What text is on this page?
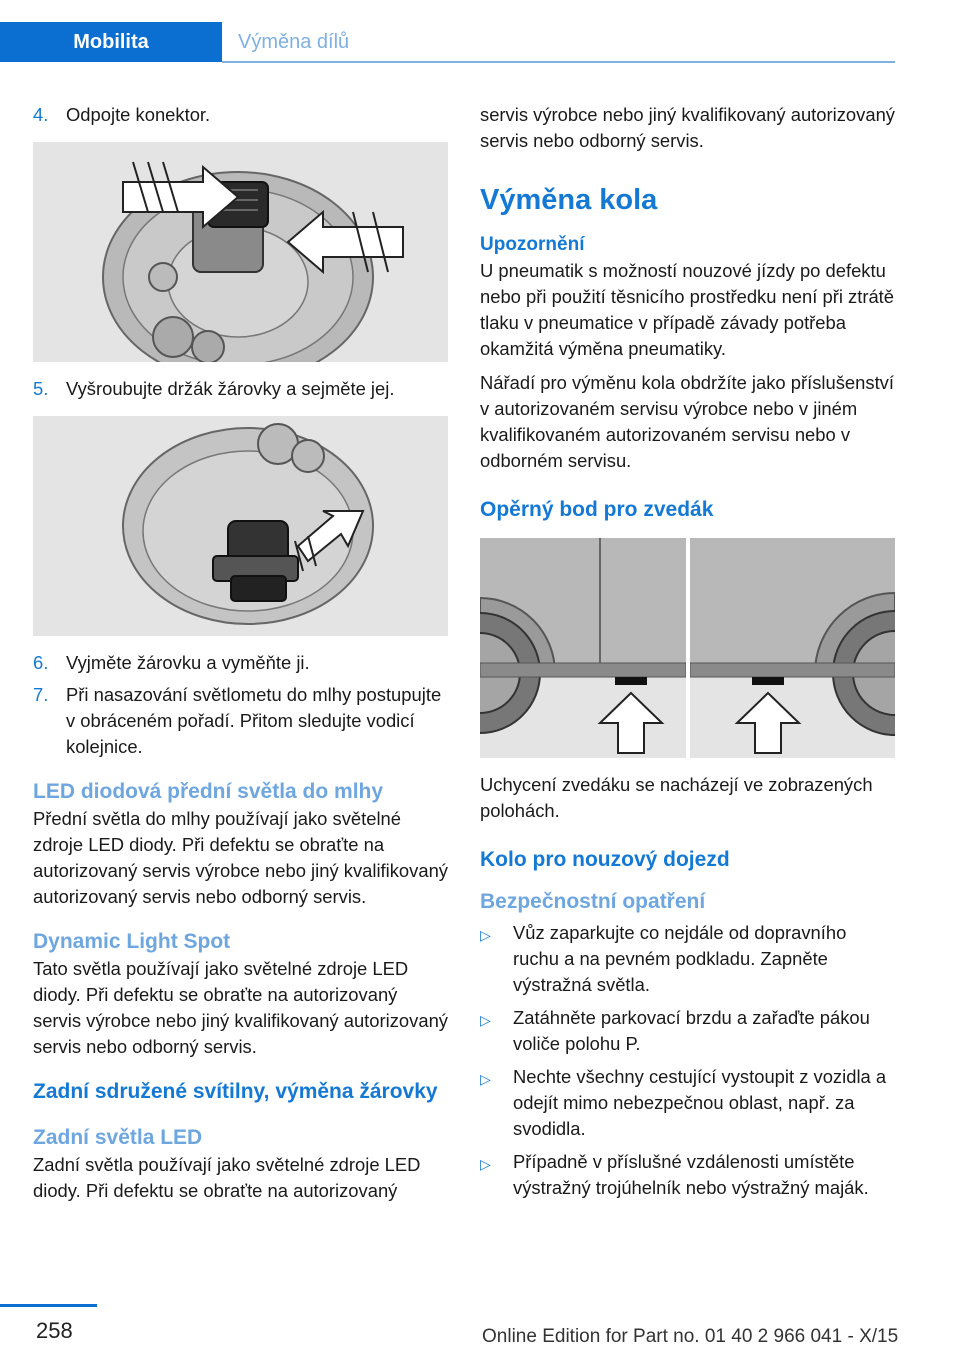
Mobilita	Výměna dílů
4. Odpojte konektor.
5. Vyšroubujte držák žárovky a sejměte jej.
6. Vyjměte žárovku a vyměňte ji.
7. Při nasazování světlometu do mlhy postupujte v obráceném pořadí. Přitom sledujte vodicí kolejnice.
LED diodová přední světla do mlhy

Přední světla do mlhy používají jako světelné zdroje LED diody. Při defektu se obraťte na autorizovaný servis výrobce nebo jiný kvalifikovaný autorizovaný servis nebo odborný servis.

Dynamic Light Spot

Tato světla používají jako světelné zdroje LED diody. Při defektu se obraťte na autorizovaný servis výrobce nebo jiný kvalifikovaný autorizovaný servis nebo odborný servis.

Zadní sdružené svítilny, výměna žárovky
Zadní světla LED

Zadní světla používají jako světelné zdroje LED diody. Při defektu se obraťte na autorizovaný

servis výrobce nebo jiný kvalifikovaný autorizovaný servis nebo odborný servis.

Výměna kola
Upozornění

U pneumatik s možností nouzové jízdy po defektu nebo při použití těsnicího prostředku není při ztrátě tlaku v pneumatice v případě závady potřeba okamžitá výměna pneumatiky.

Nářadí pro výměnu kola obdržíte jako příslušenství v autorizovaném servisu výrobce nebo v jiném kvalifikovaném autorizovaném servisu nebo v odborném servisu.

Opěrný bod pro zvedák

Uchycení zvedáku se nacházejí ve zobrazených polohách.

Kolo pro nouzový dojezd
Bezpečnostní opatření
▷	Vůz zaparkujte co nejdále od dopravního ruchu a na pevném podkladu. Zapněte výstražná světla.
▷	Zatáhněte parkovací brzdu a zařaďte pákou voliče polohu P.
▷	Nechte všechny cestující vystoupit z vozidla a odejít mimo nebezpečnou oblast, např. za svodidla.
▷	Případně v příslušné vzdálenosti umístěte výstražný trojúhelník nebo výstražný maják.
258	Online Edition for Part no. 01 40 2 966 041 - X/15
